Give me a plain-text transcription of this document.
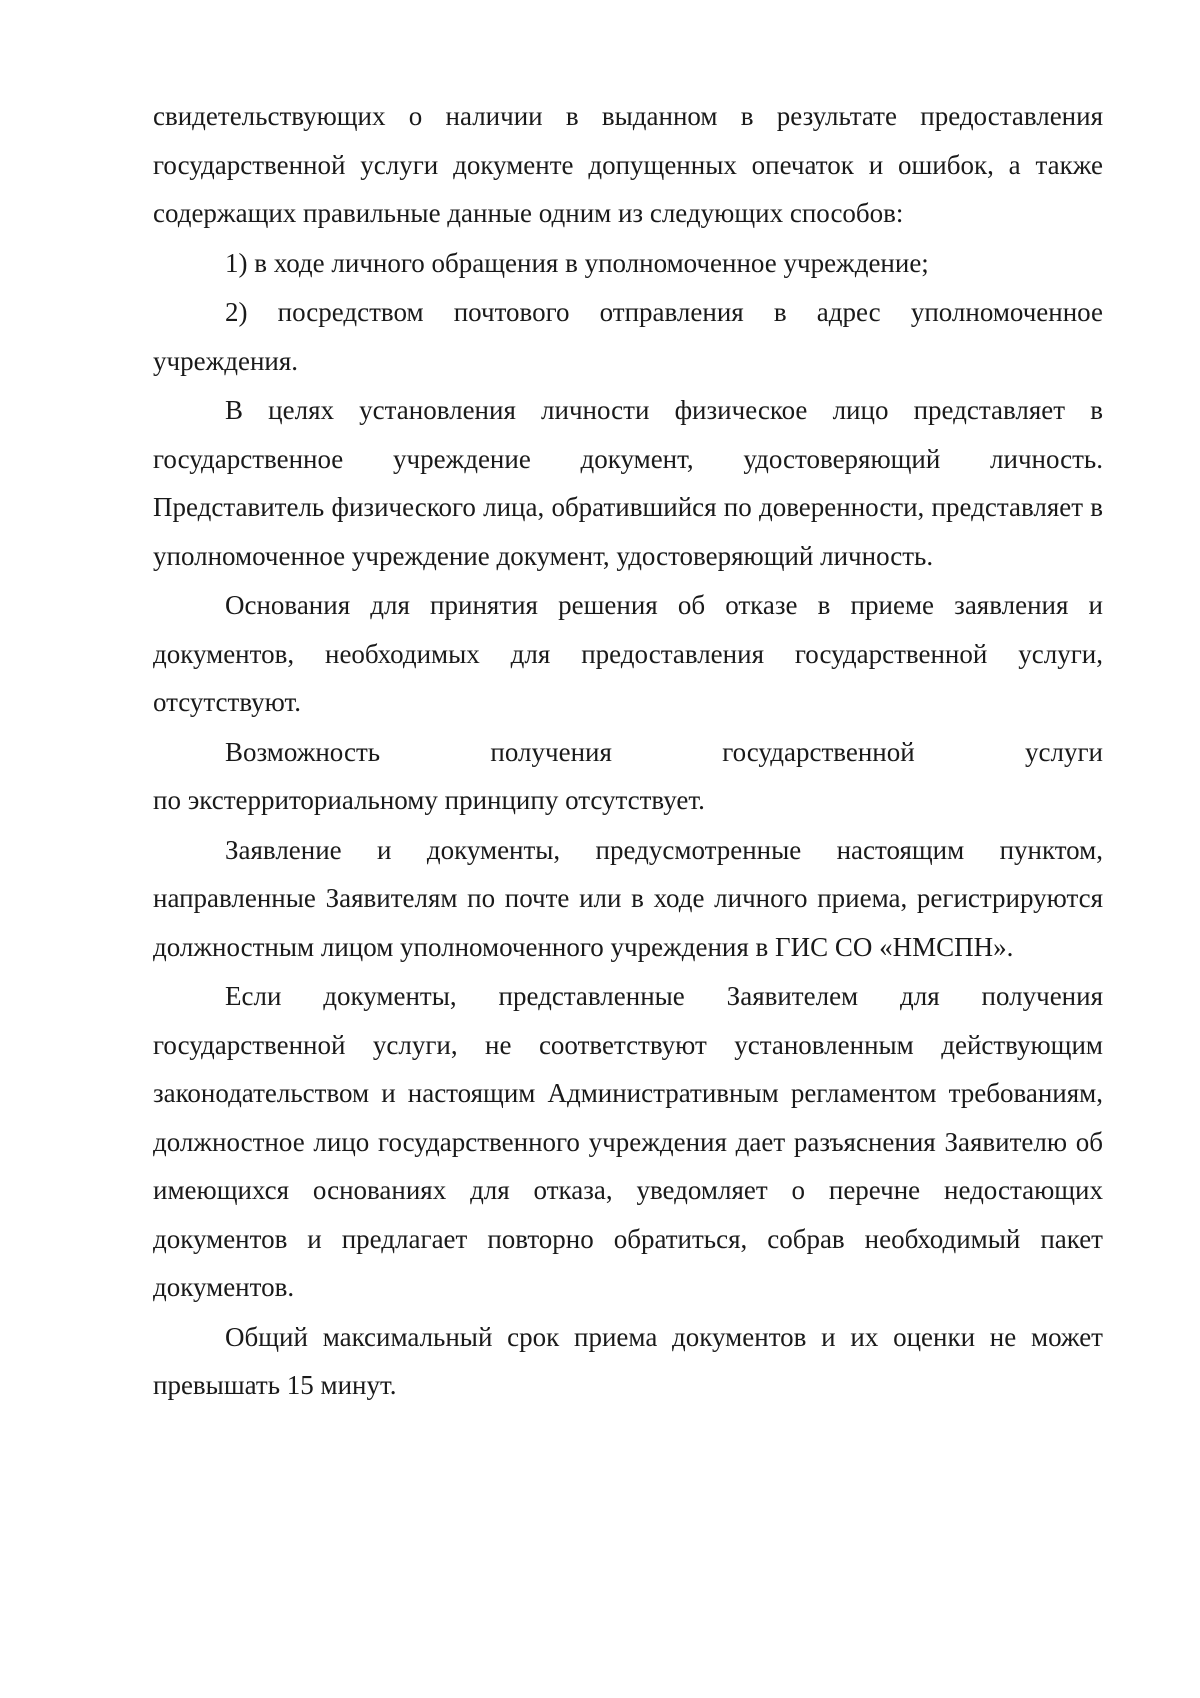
свидетельствующих о наличии в выданном в результате предоставления государственной услуги документе допущенных опечаток и ошибок, а также содержащих правильные данные одним из следующих способов:

1) в ходе личного обращения в уполномоченное учреждение;

2) посредством почтового отправления в адрес уполномоченное учреждения.

В целях установления личности физическое лицо представляет в государственное учреждение документ, удостоверяющий личность. Представитель физического лица, обратившийся по доверенности, представляет в уполномоченное учреждение документ, удостоверяющий личность.

Основания для принятия решения об отказе в приеме заявления и документов, необходимых для предоставления государственной услуги, отсутствуют.

Возможность получения государственной услуги

по экстерриториальному принципу отсутствует.

Заявление и документы, предусмотренные настоящим пунктом, направленные Заявителям по почте или в ходе личного приема, регистрируются должностным лицом уполномоченного учреждения в ГИС СО «НМСПН».

Если документы, представленные Заявителем для получения государственной услуги, не соответствуют установленным действующим законодательством и настоящим Административным регламентом требованиям, должностное лицо государственного учреждения дает разъяснения Заявителю об имеющихся основаниях для отказа, уведомляет о перечне недостающих документов и предлагает повторно обратиться, собрав необходимый пакет документов.

Общий максимальный срок приема документов и их оценки не может превышать 15 минут.
